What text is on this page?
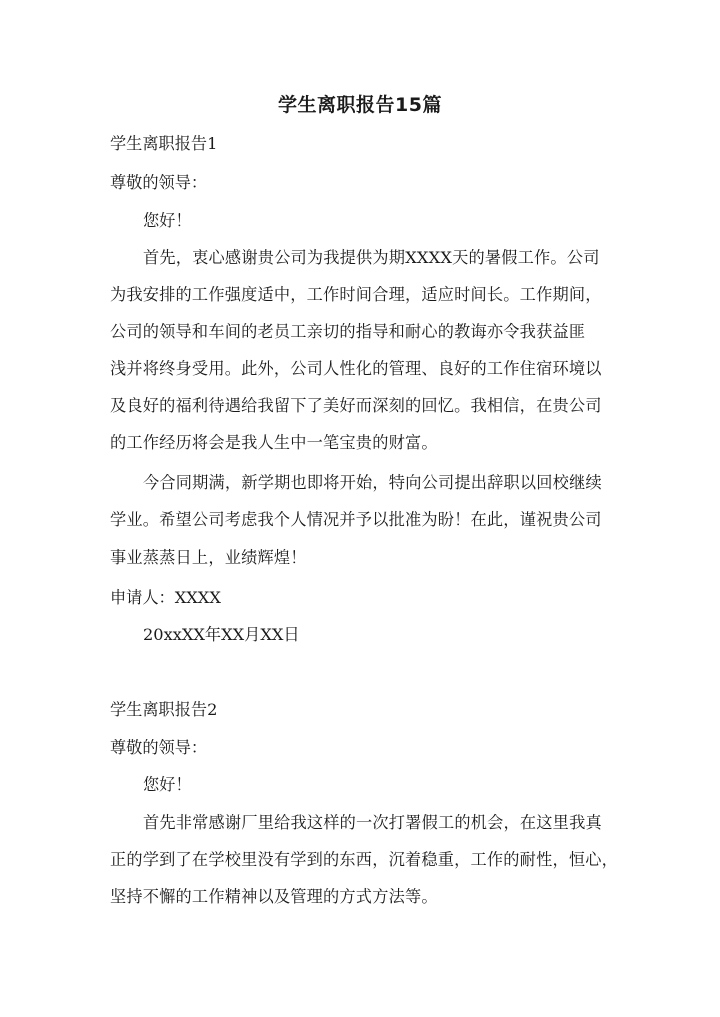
学生离职报告15篇
学生离职报告1
尊敬的领导：
您好！
首先，衷心感谢贵公司为我提供为期XXXX天的暑假工作。公司
为我安排的工作强度适中，工作时间合理，适应时间长。工作期间，
公司的领导和车间的老员工亲切的指导和耐心的教诲亦令我获益匪
浅并将终身受用。此外，公司人性化的管理、良好的工作住宿环境以
及良好的福利待遇给我留下了美好而深刻的回忆。我相信，在贵公司
的工作经历将会是我人生中一笔宝贵的财富。
今合同期满，新学期也即将开始，特向公司提出辞职以回校继续
学业。希望公司考虑我个人情况并予以批准为盼！在此，谨祝贵公司
事业蒸蒸日上，业绩辉煌！
申请人：XXXX
20xxXX年XX月XX日
学生离职报告2
尊敬的领导：
您好！
首先非常感谢厂里给我这样的一次打署假工的机会，在这里我真
正的学到了在学校里没有学到的东西，沉着稳重，工作的耐性，恒心，
坚持不懈的工作精神以及管理的方式方法等。
